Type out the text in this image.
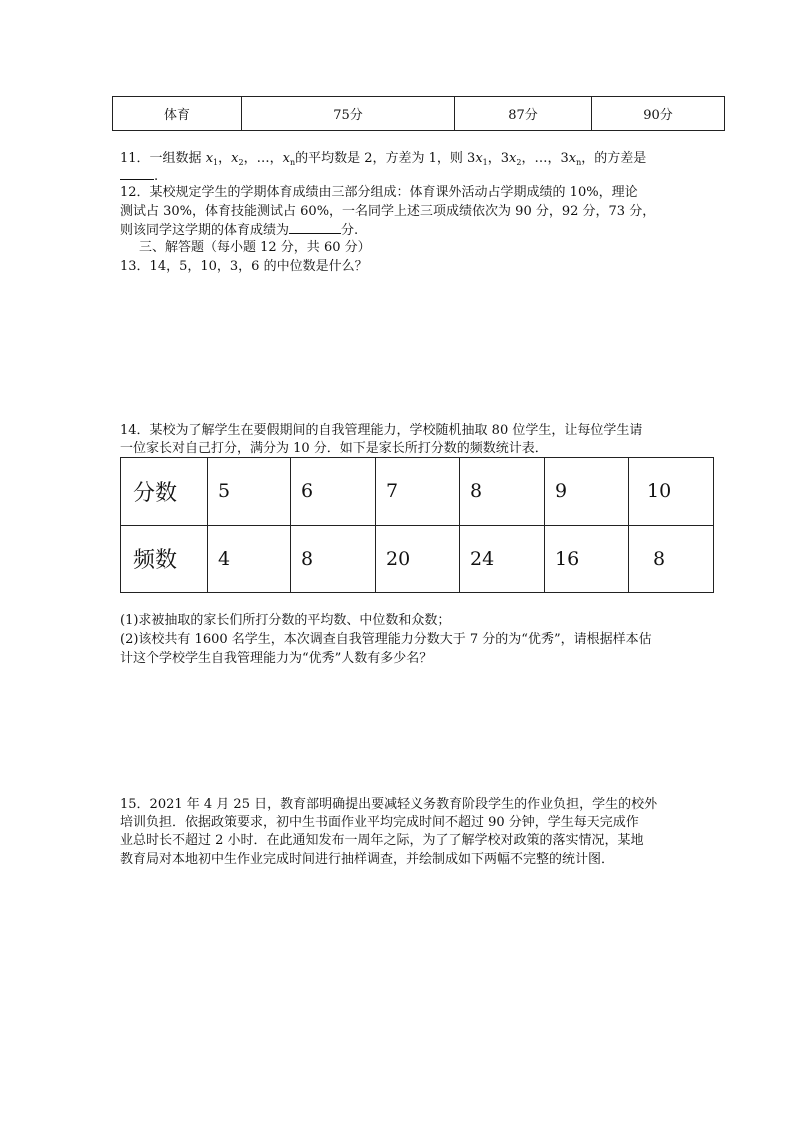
体育	75分	87分	90分
11．一组数据 $x_1$，$x_2$，…，$x_n$的平均数是 2，方差为 1，则 $3x_1$，$3x_2$，…，$3x_n$，的方差是
.
12．某校规定学生的学期体育成绩由三部分组成：体育课外活动占学期成绩的 10%，理论
测试占 30%，体育技能测试占 60%，一名同学上述三项成绩依次为 90 分，92 分，73 分，
则该同学这学期的体育成绩为	分.
三、解答题（每小题 12 分，共 60 分）
13．14，5，10，3，6 的中位数是什么？
14．某校为了解学生在要假期间的自我管理能力，学校随机抽取 80 位学生，让每位学生请
一位家长对自己打分，满分为 10 分．如下是家长所打分数的频数统计表．
分数	5	6	7	8	9	10
频数	4	8	20	24	16	8
(1)求被抽取的家长们所打分数的平均数、中位数和众数；
(2)该校共有 1600 名学生，本次调查自我管理能力分数大于 7 分的为“优秀”，请根据样本估
计这个学校学生自我管理能力为“优秀”人数有多少名？
15．2021 年 4 月 25 日，教育部明确提出要减轻义务教育阶段学生的作业负担，学生的校外
培训负担．依据政策要求，初中生书面作业平均完成时间不超过 90 分钟，学生每天完成作
业总时长不超过 2 小时．在此通知发布一周年之际，为了了解学校对政策的落实情况，某地
教育局对本地初中生作业完成时间进行抽样调查，并绘制成如下两幅不完整的统计图．
